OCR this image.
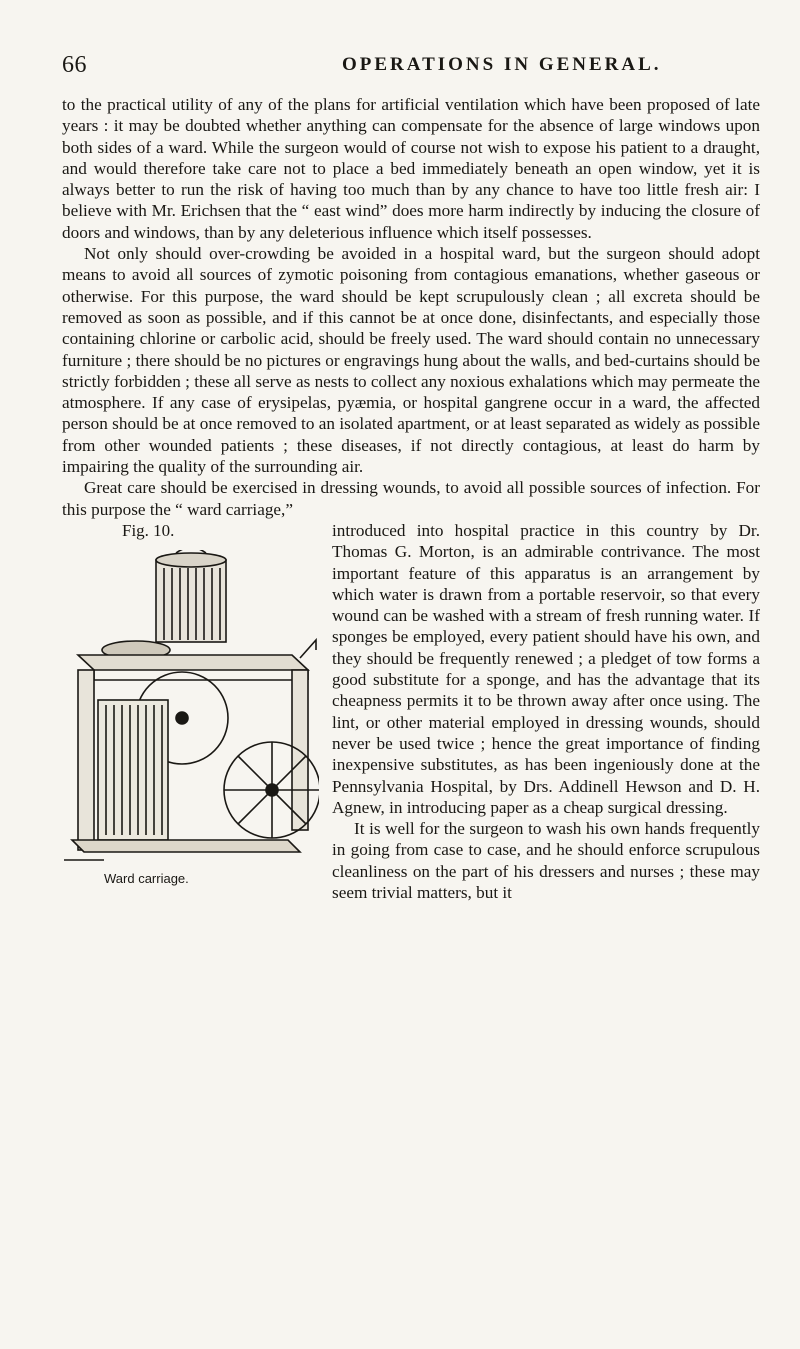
66	OPERATIONS IN GENERAL.

to the practical utility of any of the plans for artificial ventilation which have been proposed of late years : it may be doubted whether anything can compensate for the absence of large windows upon both sides of a ward. While the surgeon would of course not wish to expose his patient to a draught, and would therefore take care not to place a bed immediately beneath an open window, yet it is always better to run the risk of having too much than by any chance to have too little fresh air: I believe with Mr. Erichsen that the “ east wind” does more harm indirectly by inducing the closure of doors and windows, than by any deleterious influence which itself possesses.

Not only should over-crowding be avoided in a hospital ward, but the surgeon should adopt means to avoid all sources of zymotic poisoning from contagious emanations, whether gaseous or otherwise. For this purpose, the ward should be kept scrupulously clean ; all excreta should be removed as soon as possible, and if this cannot be at once done, disinfectants, and especially those containing chlorine or carbolic acid, should be freely used. The ward should contain no unnecessary furniture ; there should be no pictures or engravings hung about the walls, and bed-curtains should be strictly forbidden ; these all serve as nests to collect any noxious exhalations which may permeate the atmosphere. If any case of erysipelas, pyæmia, or hospital gangrene occur in a ward, the affected person should be at once removed to an isolated apartment, or at least separated as widely as possible from other wounded patients ; these diseases, if not directly contagious, at least do harm by impairing the quality of the surrounding air.

Great care should be exercised in dressing wounds, to avoid all possible sources of infection. For this purpose the “ ward carriage,”

Fig. 10.
Ward carriage.

introduced into hospital practice in this country by Dr. Thomas G. Morton, is an admirable contrivance. The most important feature of this apparatus is an arrangement by which water is drawn from a portable reservoir, so that every wound can be washed with a stream of fresh running water. If sponges be employed, every patient should have his own, and they should be frequently renewed ; a pledget of tow forms a good substitute for a sponge, and has the advantage that its cheapness permits it to be thrown away after once using. The lint, or other material employed in dressing wounds, should never be used twice ; hence the great importance of finding inexpensive substitutes, as has been ingeniously done at the Pennsylvania Hospital, by Drs. Addinell Hewson and D. H. Agnew, in introducing paper as a cheap surgical dressing.

It is well for the surgeon to wash his own hands frequently in going from case to case, and he should enforce scrupulous cleanliness on the part of his dressers and nurses ; these may seem trivial matters, but it
